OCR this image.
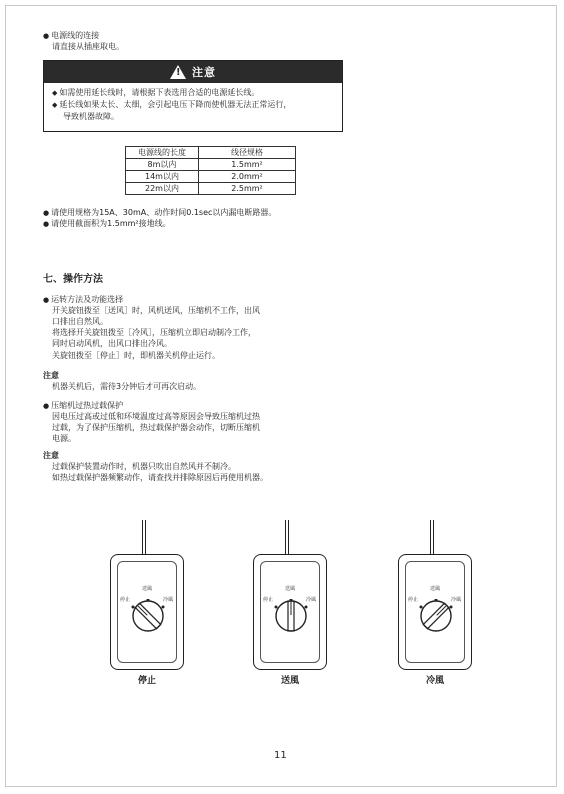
● 电源线的连接
请直接从插座取电。
!
注意
◆ 如需使用延长线时，请根据下表选用合适的电源延长线。
◆ 延长线如果太长、太细，会引起电压下降而使机器无法正常运行，
导致机器故障。
电源线的长度	线径规格
8m以内	1.5mm²
14m以内	2.0mm²
22m以内	2.5mm²
● 请使用规格为15A、30mA、动作时间0.1sec以内漏电断路器。
● 请使用截面积为1.5mm²接地线。
七、操作方法
● 运转方法及功能选择
开关旋钮拨至［送风］时，风机送风，压缩机不工作，出风
口排出自然风。
将选择开关旋钮拨至［冷风］，压缩机立即启动制冷工作，
同时启动风机，出风口排出冷风。
关旋钮拨至［停止］时，即机器关机停止运行。
注意
机器关机后，需待3分钟后才可再次启动。
● 压缩机过热过载保护
因电压过高或过低和环境温度过高等原因会导致压缩机过热
过载，为了保护压缩机，热过载保护器会动作，切断压缩机
电源。
注意
过载保护装置动作时，机器只吹出自然风并不制冷。
如热过载保护器频繁动作，请查找并排除原因后再使用机器。
送風
停止	冷風
停止
送風
停止	冷風
送風
送風
停止	冷風
冷風
11
